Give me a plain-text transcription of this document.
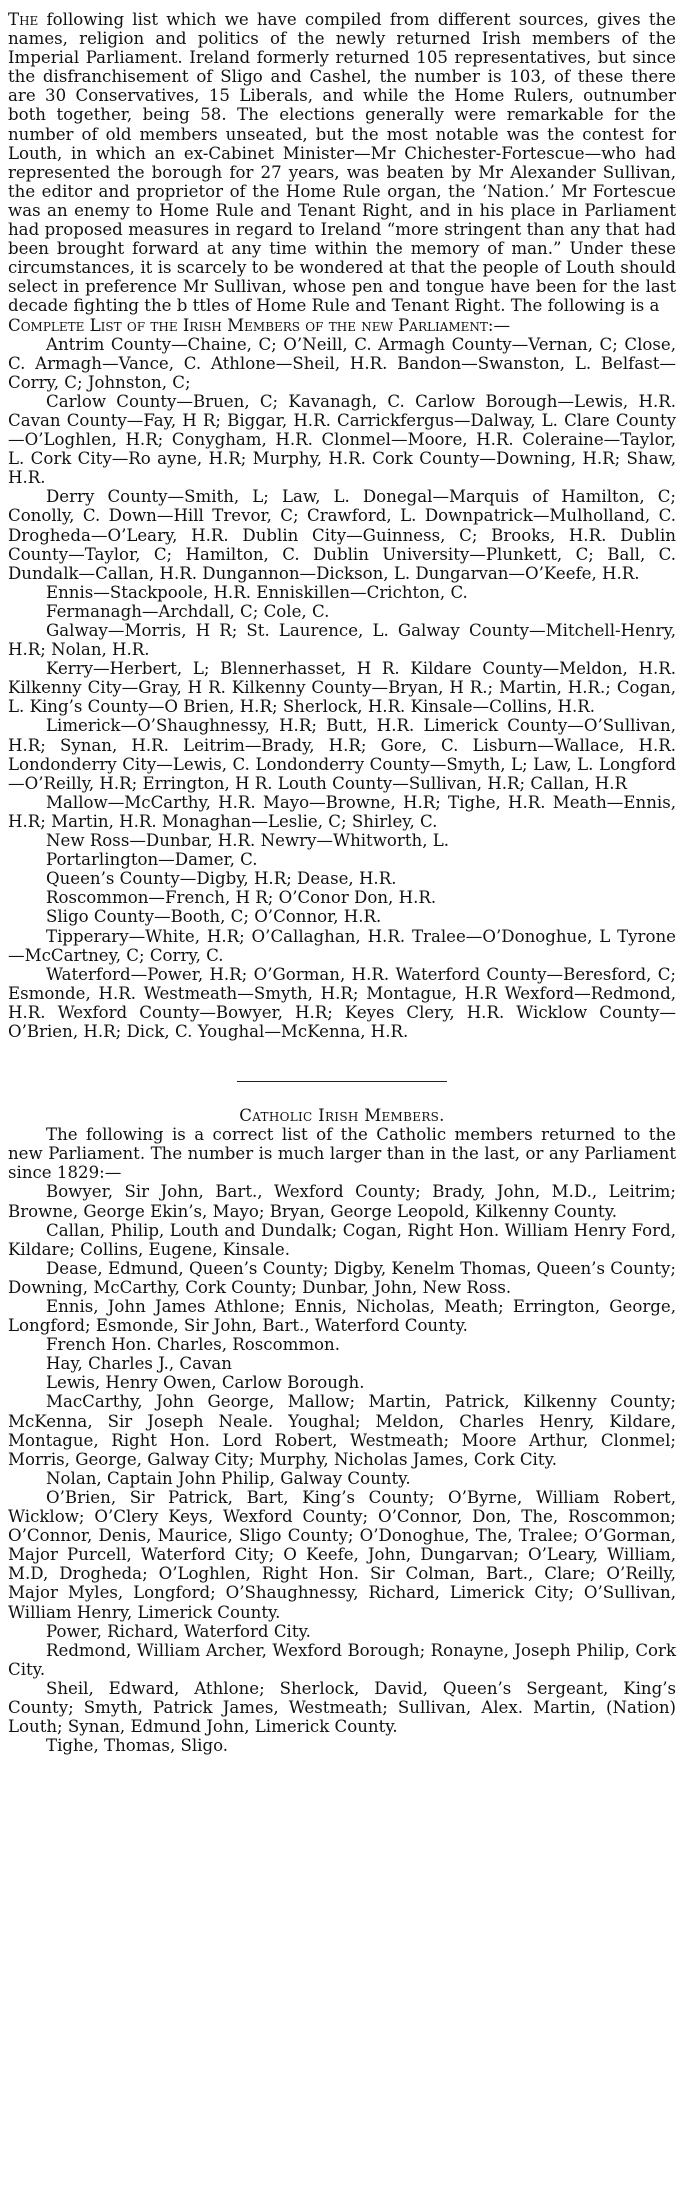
The following list which we have compiled from different sources, gives the names, religion and politics of the newly returned Irish members of the Imperial Parliament. Ireland formerly returned 105 representatives, but since the disfranchisement of Sligo and Cashel, the number is 103, of these there are 30 Conservatives, 15 Liberals, and while the Home Rulers, outnumber both together, being 58. The elections generally were remarkable for the number of old members unseated, but the most notable was the contest for Louth, in which an ex-Cabinet Minister—Mr Chichester-Fortescue—who had represented the borough for 27 years, was beaten by Mr Alexander Sullivan, the editor and proprietor of the Home Rule organ, the ‘Nation.’ Mr Fortescue was an enemy to Home Rule and Tenant Right, and in his place in Parliament had proposed measures in regard to Ireland “more stringent than any that had been brought forward at any time within the memory of man.” Under these circumstances, it is scarcely to be wondered at that the people of Louth should select in preference Mr Sullivan, whose pen and tongue have been for the last decade fighting the b ttles of Home Rule and Tenant Right. The following is a

Complete List of the Irish Members of the new Parliament:—

Antrim County—Chaine, C; O’Neill, C. Armagh County—Vernan, C; Close, C. Armagh—Vance, C. Athlone—Sheil, H.R. Bandon—Swanston, L. Belfast—Corry, C; Johnston, C;

Carlow County—Bruen, C; Kavanagh, C. Carlow Borough—Lewis, H.R. Cavan County—Fay, H R; Biggar, H.R. Carrickfergus—Dalway, L. Clare County—O’Loghlen, H.R; Conygham, H.R. Clonmel—Moore, H.R. Coleraine—Taylor, L. Cork City—Ro ayne, H.R; Murphy, H.R. Cork County—Downing, H.R; Shaw, H.R.

Derry County—Smith, L; Law, L. Donegal—Marquis of Hamilton, C; Conolly, C. Down—Hill Trevor, C; Crawford, L. Downpatrick—Mulholland, C. Drogheda—O’Leary, H.R. Dublin City—Guinness, C; Brooks, H.R. Dublin County—Taylor, C; Hamilton, C. Dublin University—Plunkett, C; Ball, C. Dundalk—Callan, H.R. Dungannon—Dickson, L. Dungarvan—O’Keefe, H.R.

Ennis—Stackpoole, H.R. Enniskillen—Crichton, C.

Fermanagh—Archdall, C; Cole, C.

Galway—Morris, H R; St. Laurence, L. Galway County—Mitchell-Henry, H.R; Nolan, H.R.

Kerry—Herbert, L; Blennerhasset, H R. Kildare County—Meldon, H.R. Kilkenny City—Gray, H R. Kilkenny County—Bryan, H R.; Martin, H.R.; Cogan, L. King’s County—O Brien, H.R; Sherlock, H.R. Kinsale—Collins, H.R.

Limerick—O’Shaughnessy, H.R; Butt, H.R. Limerick County—O’Sullivan, H.R; Synan, H.R. Leitrim—Brady, H.R; Gore, C. Lisburn—Wallace, H.R. Londonderry City—Lewis, C. Londonderry County—Smyth, L; Law, L. Longford—O’Reilly, H.R; Errington, H R. Louth County—Sullivan, H.R; Callan, H.R

Mallow—McCarthy, H.R. Mayo—Browne, H.R; Tighe, H.R. Meath—Ennis, H.R; Martin, H.R. Monaghan—Leslie, C; Shirley, C.

New Ross—Dunbar, H.R. Newry—Whitworth, L.

Portarlington—Damer, C.

Queen’s County—Digby, H.R; Dease, H.R.

Roscommon—French, H R; O’Conor Don, H.R.

Sligo County—Booth, C; O’Connor, H.R.

Tipperary—White, H.R; O’Callaghan, H.R. Tralee—O’Donoghue, L Tyrone—McCartney, C; Corry, C.

Waterford—Power, H.R; O’Gorman, H.R. Waterford County—Beresford, C; Esmonde, H.R. Westmeath—Smyth, H.R; Montague, H.R Wexford—Redmond, H.R. Wexford County—Bowyer, H.R; Keyes Clery, H.R. Wicklow County—O’Brien, H.R; Dick, C. Youghal—McKenna, H.R.

Catholic Irish Members.

The following is a correct list of the Catholic members returned to the new Parliament. The number is much larger than in the last, or any Parliament since 1829:—

Bowyer, Sir John, Bart., Wexford County; Brady, John, M.D., Leitrim; Browne, George Ekin’s, Mayo; Bryan, George Leopold, Kilkenny County.

Callan, Philip, Louth and Dundalk; Cogan, Right Hon. William Henry Ford, Kildare; Collins, Eugene, Kinsale.

Dease, Edmund, Queen’s County; Digby, Kenelm Thomas, Queen’s County; Downing, McCarthy, Cork County; Dunbar, John, New Ross.

Ennis, John James Athlone; Ennis, Nicholas, Meath; Errington, George, Longford; Esmonde, Sir John, Bart., Waterford County.

French Hon. Charles, Roscommon.

Hay, Charles J., Cavan

Lewis, Henry Owen, Carlow Borough.

MacCarthy, John George, Mallow; Martin, Patrick, Kilkenny County; McKenna, Sir Joseph Neale. Youghal; Meldon, Charles Henry, Kildare, Montague, Right Hon. Lord Robert, Westmeath; Moore Arthur, Clonmel; Morris, George, Galway City; Murphy, Nicholas James, Cork City.

Nolan, Captain John Philip, Galway County.

O’Brien, Sir Patrick, Bart, King’s County; O’Byrne, William Robert, Wicklow; O’Clery Keys, Wexford County; O’Connor, Don, The, Roscommon; O’Connor, Denis, Maurice, Sligo County; O’Donoghue, The, Tralee; O’Gorman, Major Purcell, Waterford City; O Keefe, John, Dungarvan; O’Leary, William, M.D, Drogheda; O’Loghlen, Right Hon. Sir Colman, Bart., Clare; O’Reilly, Major Myles, Longford; O’Shaughnessy, Richard, Limerick City; O’Sullivan, William Henry, Limerick County.

Power, Richard, Waterford City.

Redmond, William Archer, Wexford Borough; Ronayne, Joseph Philip, Cork City.

Sheil, Edward, Athlone; Sherlock, David, Queen’s Sergeant, King’s County; Smyth, Patrick James, Westmeath; Sullivan, Alex. Martin, (Nation) Louth; Synan, Edmund John, Limerick County.

Tighe, Thomas, Sligo.
